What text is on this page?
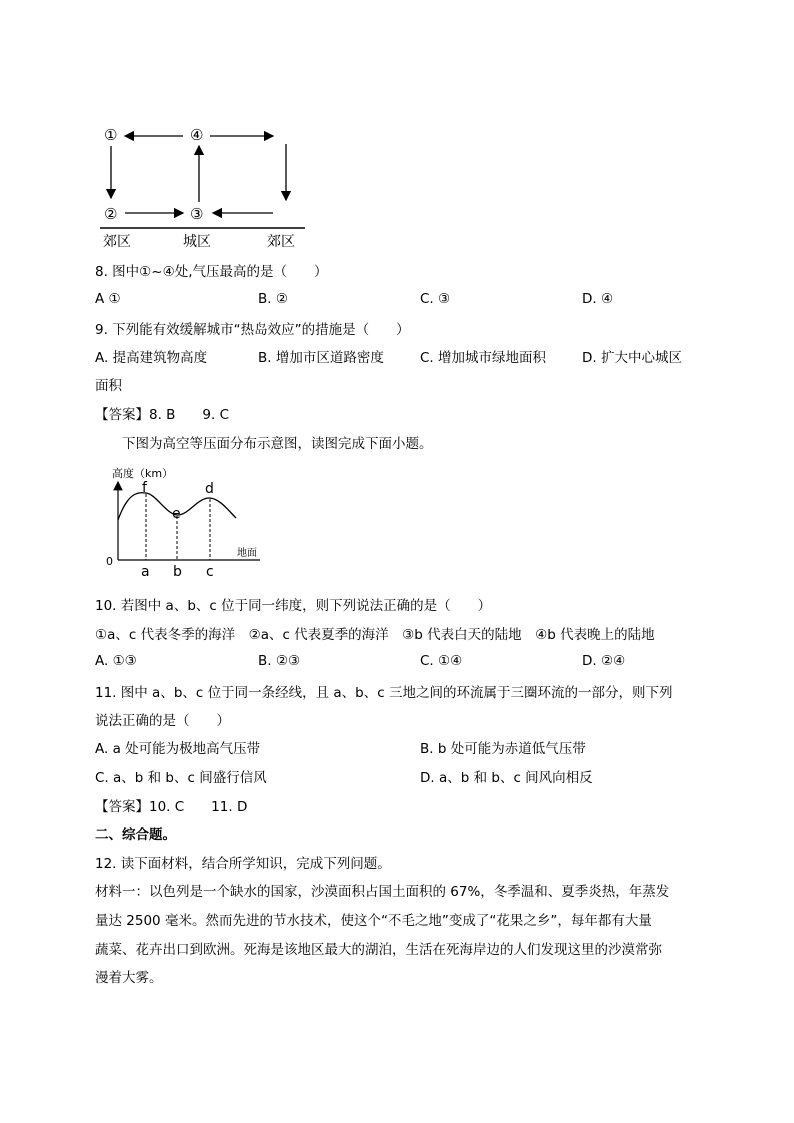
①	④
②	③
郊区	城区	郊区
8. 图中①~④处,气压最高的是（　　）
A ①	B. ②	C. ③	D. ④
9. 下列能有效缓解城市“热岛效应”的措施是（　　）
A. 提高建筑物高度	B. 增加市区道路密度	C. 增加城市绿地面积	D. 扩大中心城区
面积
【答案】8. B　　9. C
下图为高空等压面分布示意图，读图完成下面小题。
高度（km）
地面
0
f
e
d
a b c
10. 若图中 a、b、c 位于同一纬度，则下列说法正确的是（　　）
①a、c 代表冬季的海洋　②a、c 代表夏季的海洋　③b 代表白天的陆地　④b 代表晚上的陆地
A. ①③	B. ②③	C. ①④	D. ②④
11. 图中 a、b、c 位于同一条经线，且 a、b、c 三地之间的环流属于三圈环流的一部分，则下列
说法正确的是（　　）
A. a 处可能为极地高气压带	B. b 处可能为赤道低气压带
C. a、b 和 b、c 间盛行信风	D. a、b 和 b、c 间风向相反
【答案】10. C　　11. D
二、综合题。
12. 读下面材料，结合所学知识，完成下列问题。
材料一：以色列是一个缺水的国家，沙漠面积占国土面积的 67%，冬季温和、夏季炎热，年蒸发
量达 2500 毫米。然而先进的节水技术，使这个“不毛之地”变成了“花果之乡”，每年都有大量
蔬菜、花卉出口到欧洲。死海是该地区最大的湖泊，生活在死海岸边的人们发现这里的沙漠常弥
漫着大雾。
